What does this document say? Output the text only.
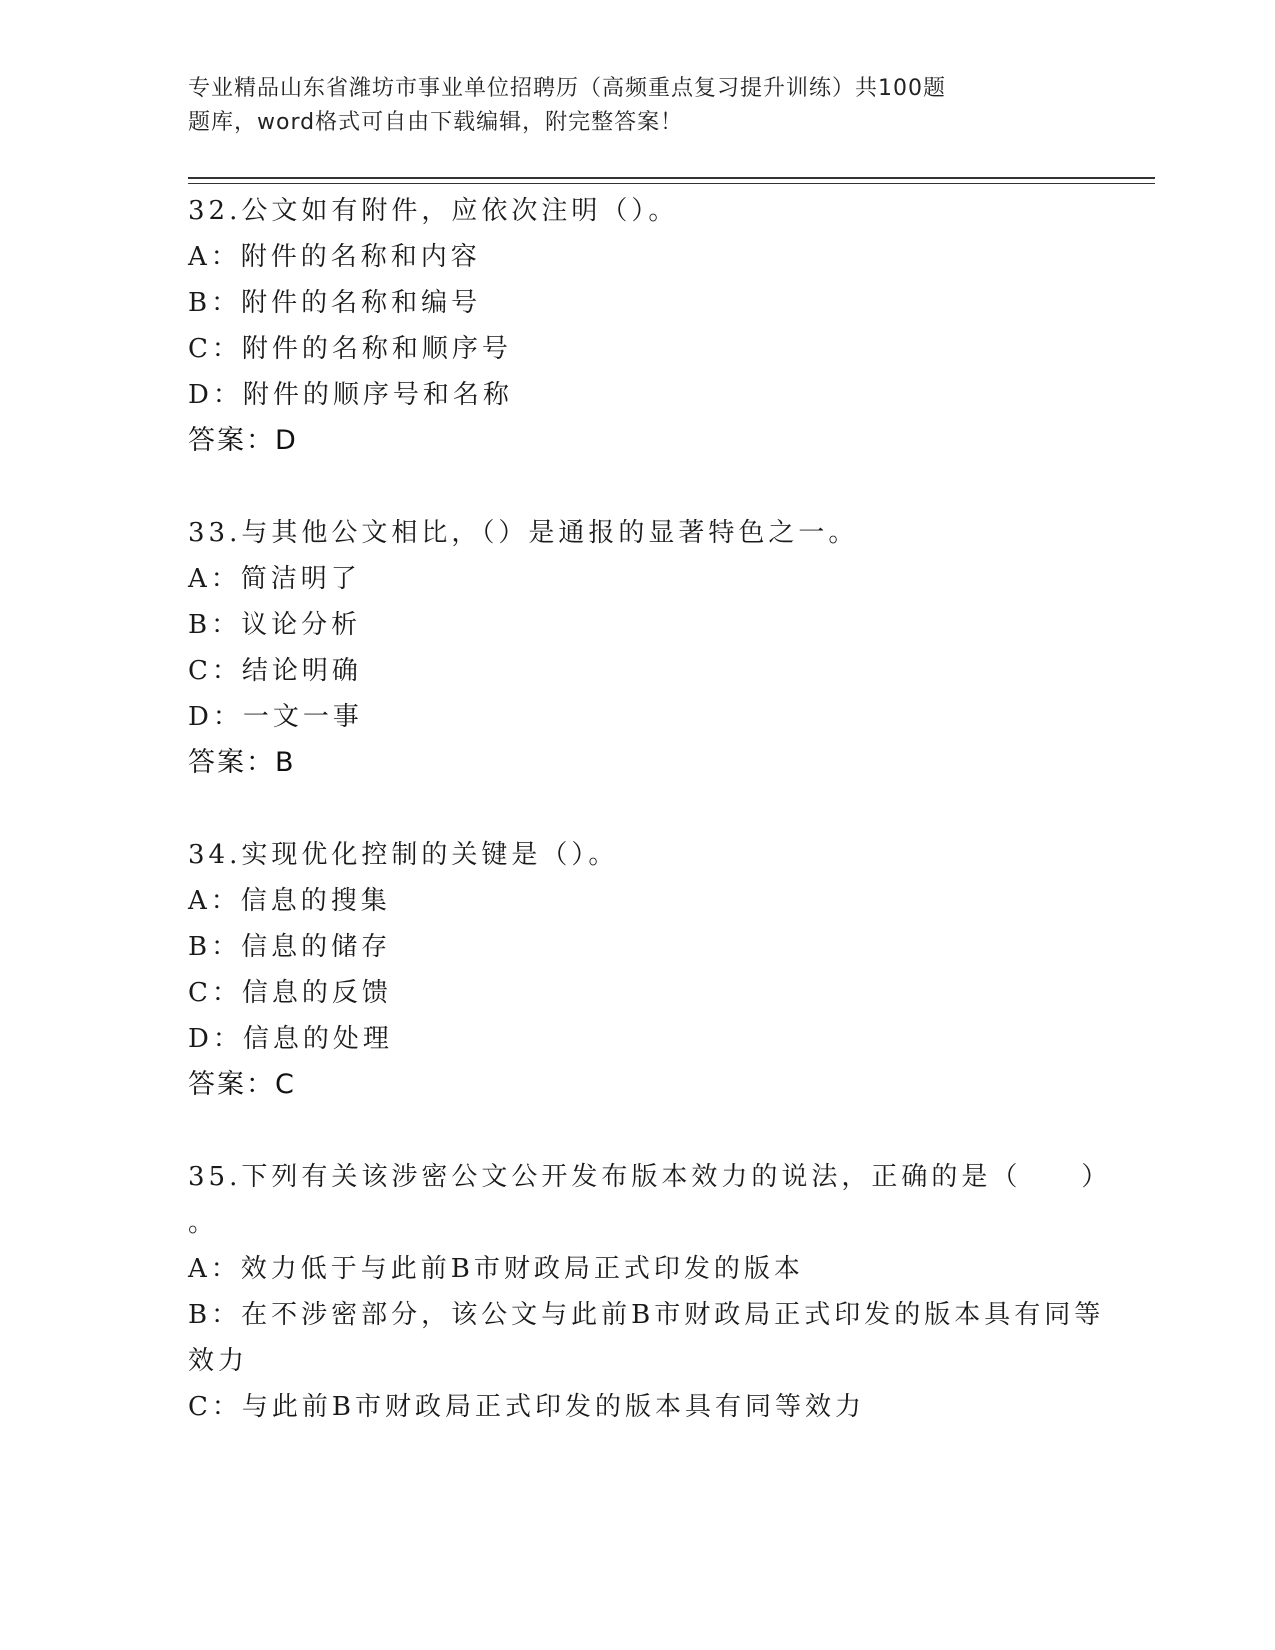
专业精品山东省潍坊市事业单位招聘历（高频重点复习提升训练）共100题
题库，word格式可自由下载编辑，附完整答案！
32.公文如有附件，应依次注明（）。
A：附件的名称和内容
B：附件的名称和编号
C：附件的名称和顺序号
D：附件的顺序号和名称
答案：D
33.与其他公文相比，（）是通报的显著特色之一。
A：简洁明了
B：议论分析
C：结论明确
D：一文一事
答案：B
34.实现优化控制的关键是（）。
A：信息的搜集
B：信息的储存
C：信息的反馈
D：信息的处理
答案：C
35.下列有关该涉密公文公开发布版本效力的说法，正确的是（　　）
。
A：效力低于与此前B市财政局正式印发的版本
B：在不涉密部分，该公文与此前B市财政局正式印发的版本具有同等
效力
C：与此前B市财政局正式印发的版本具有同等效力
